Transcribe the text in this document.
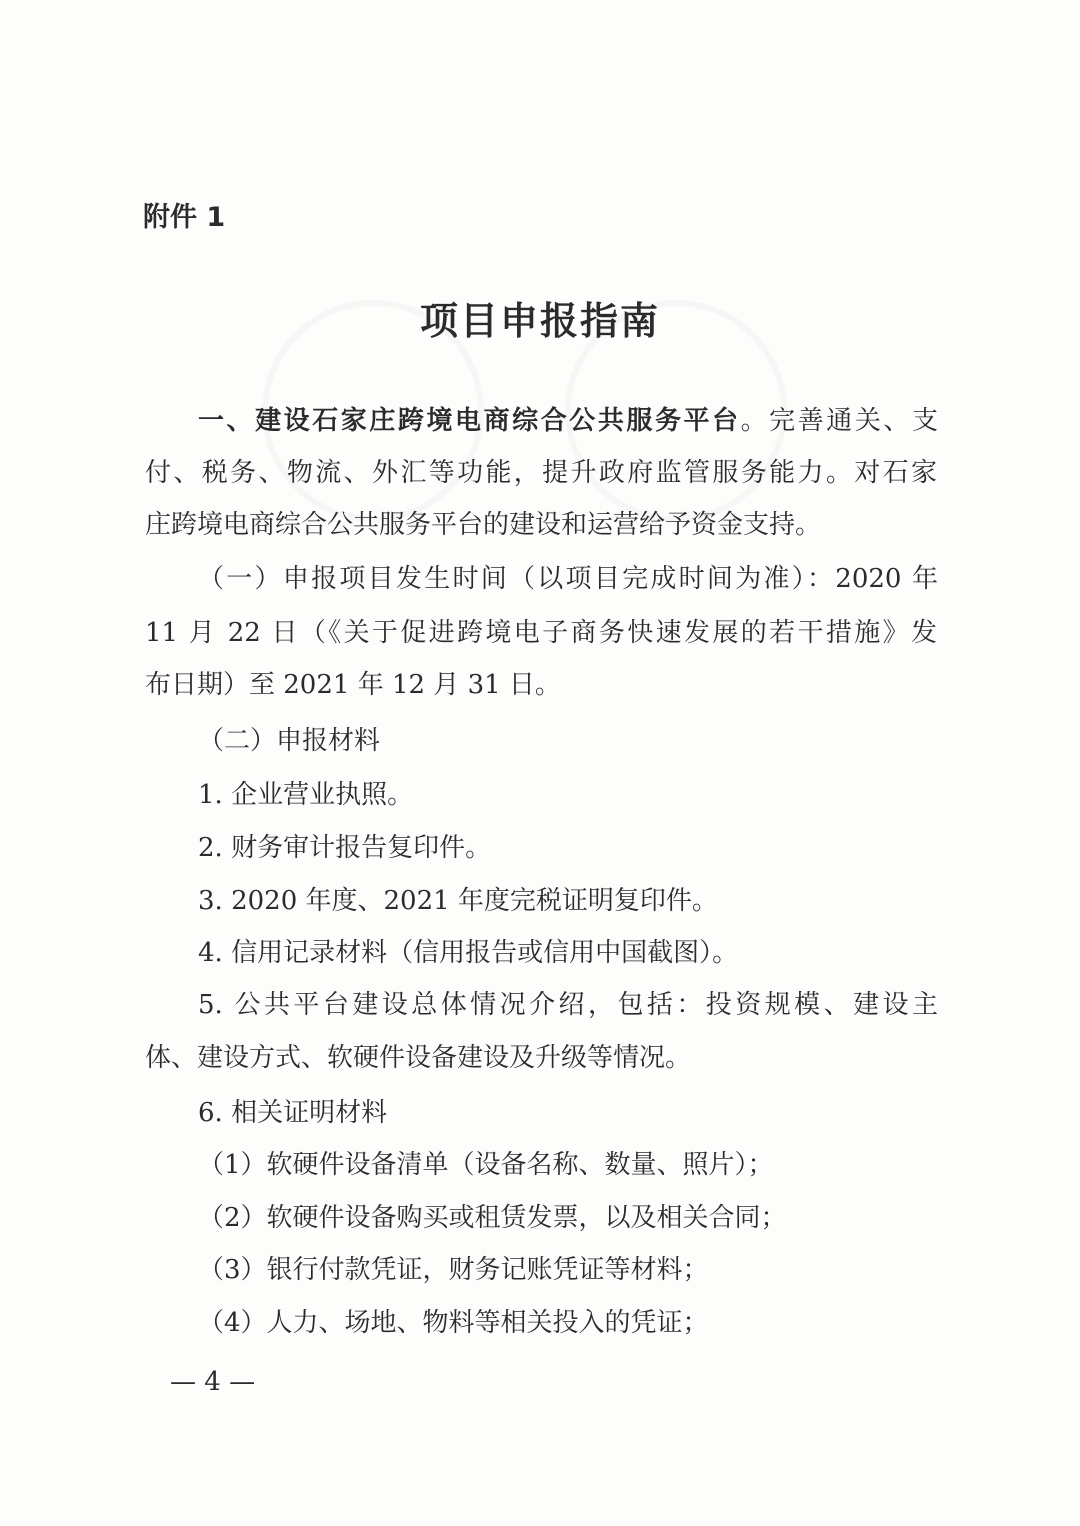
附件 1
项目申报指南
一、建设石家庄跨境电商综合公共服务平台。完善通关、支
付、税务、物流、外汇等功能，提升政府监管服务能力。对石家
庄跨境电商综合公共服务平台的建设和运营给予资金支持。
（一）申报项目发生时间（以项目完成时间为准）：2020 年
11 月 22 日（《关于促进跨境电子商务快速发展的若干措施》发
布日期）至 2021 年 12 月 31 日。
（二）申报材料
1. 企业营业执照。
2. 财务审计报告复印件。
3. 2020 年度、2021 年度完税证明复印件。
4. 信用记录材料（信用报告或信用中国截图）。
5. 公共平台建设总体情况介绍，包括：投资规模、建设主
体、建设方式、软硬件设备建设及升级等情况。
6. 相关证明材料
（1）软硬件设备清单（设备名称、数量、照片）；
（2）软硬件设备购买或租赁发票，以及相关合同；
（3）银行付款凭证，财务记账凭证等材料；
（4）人力、场地、物料等相关投入的凭证；
— 4 —
